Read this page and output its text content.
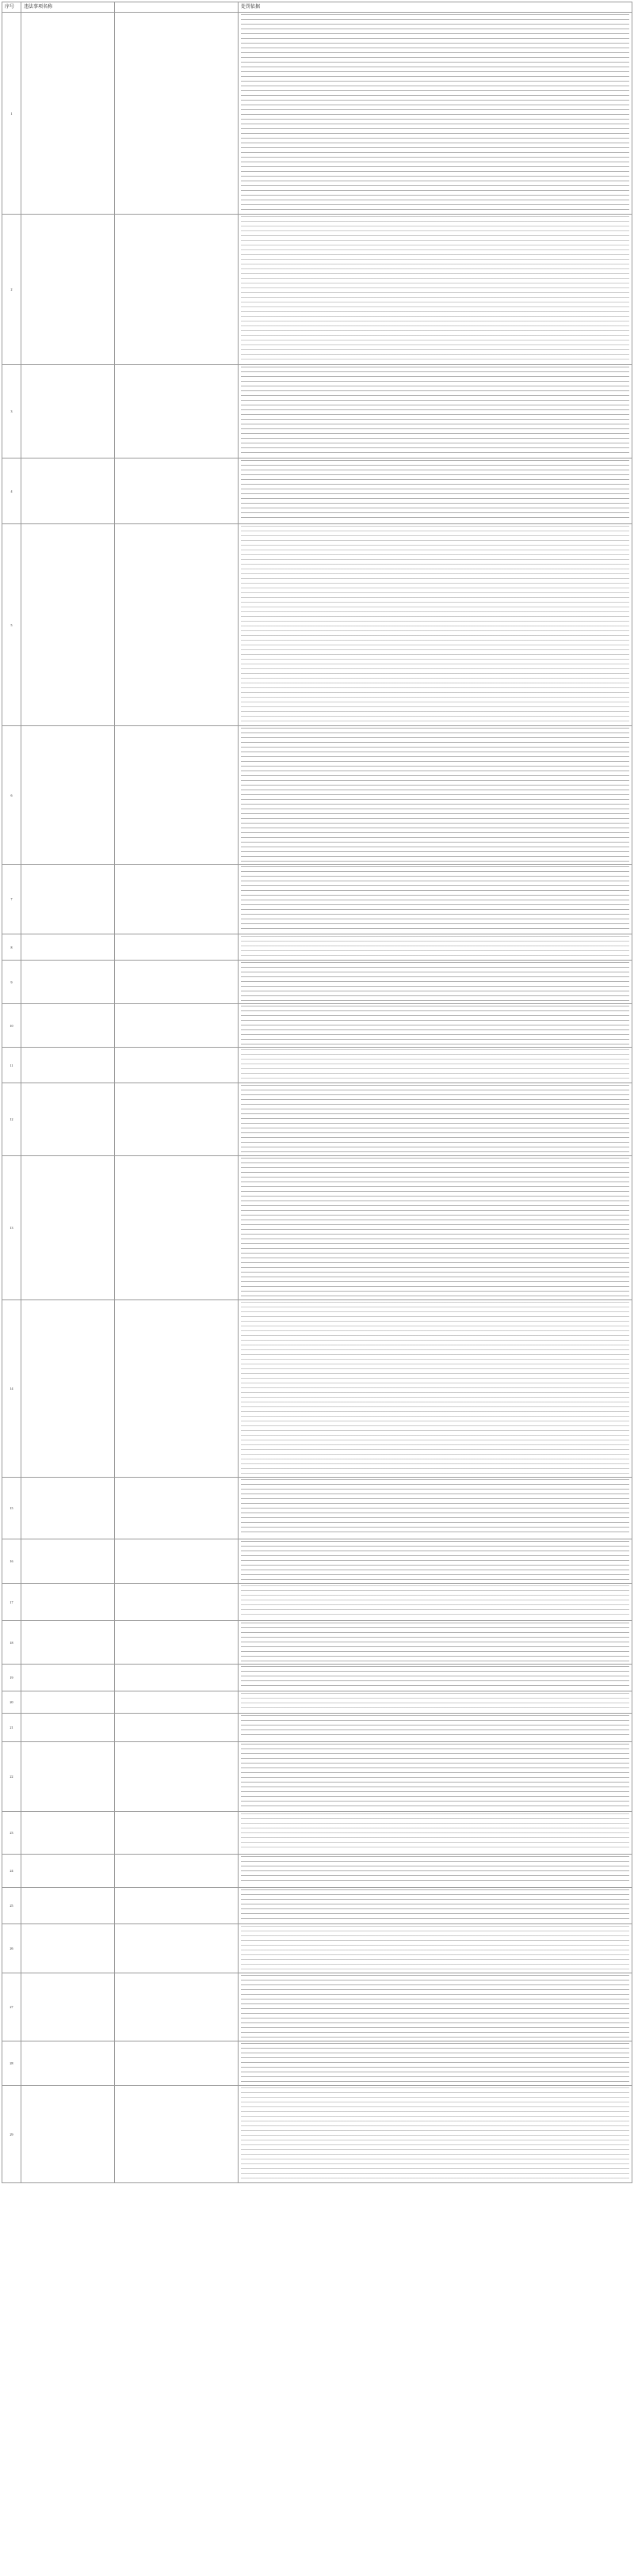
序号	违法事项名称		处罚依据
1			

2			

3			

4			

5			

6			

7			

8			

9			

10			

11			

12			

13			

14			

15			

16			

17			

18			

19			

20			

21			

22			

23			

24			

25			

26			

27			

28			

29			
